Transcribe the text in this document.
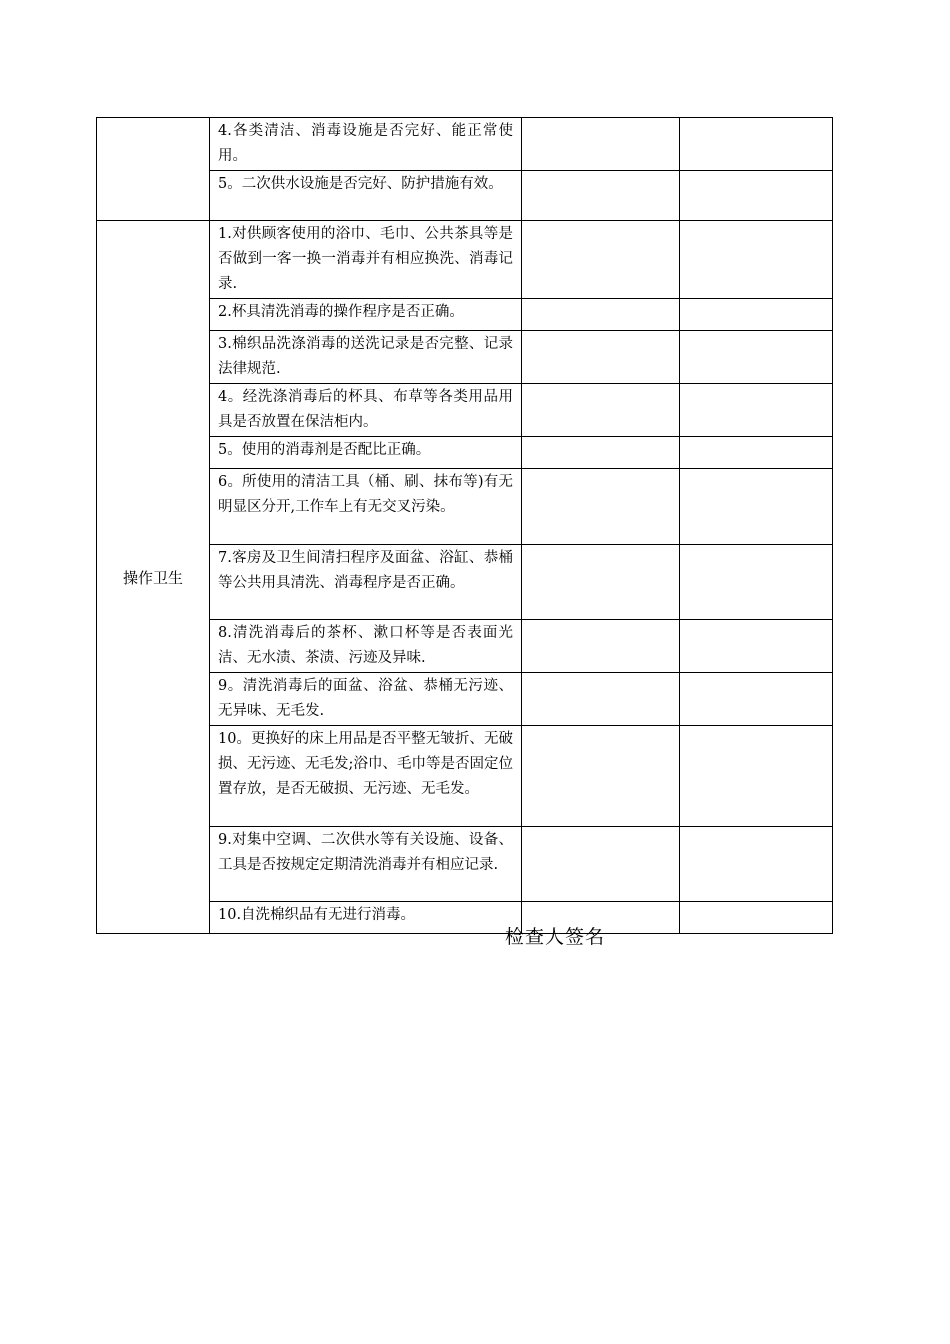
	4.各类清洁、消毒设施是否完好、能正常使用。		
	5。二次供水设施是否完好、防护措施有效。		
操作卫生	1.对供顾客使用的浴巾、毛巾、公共茶具等是否做到一客一换一消毒并有相应换洗、消毒记录.		
	2.杯具清洗消毒的操作程序是否正确。		
	3.棉织品洗涤消毒的送洗记录是否完整、记录法律规范.		
	4。经洗涤消毒后的杯具、布草等各类用品用具是否放置在保洁柜内。		
	5。使用的消毒剂是否配比正确。		
	6。所使用的清洁工具（桶、刷、抹布等)有无明显区分开,工作车上有无交叉污染。		
	7.客房及卫生间清扫程序及面盆、浴缸、恭桶等公共用具清洗、消毒程序是否正确。		
	8.清洗消毒后的茶杯、漱口杯等是否表面光洁、无水渍、茶渍、污迹及异味.		
	9。清洗消毒后的面盆、浴盆、恭桶无污迹、无异味、无毛发.		
	10。更换好的床上用品是否平整无皱折、无破损、无污迹、无毛发;浴巾、毛巾等是否固定位置存放，是否无破损、无污迹、无毛发。		
	9.对集中空调、二次供水等有关设施、设备、工具是否按规定定期清洗消毒并有相应记录.		
	10.自洗棉织品有无进行消毒。		
检查人签名
